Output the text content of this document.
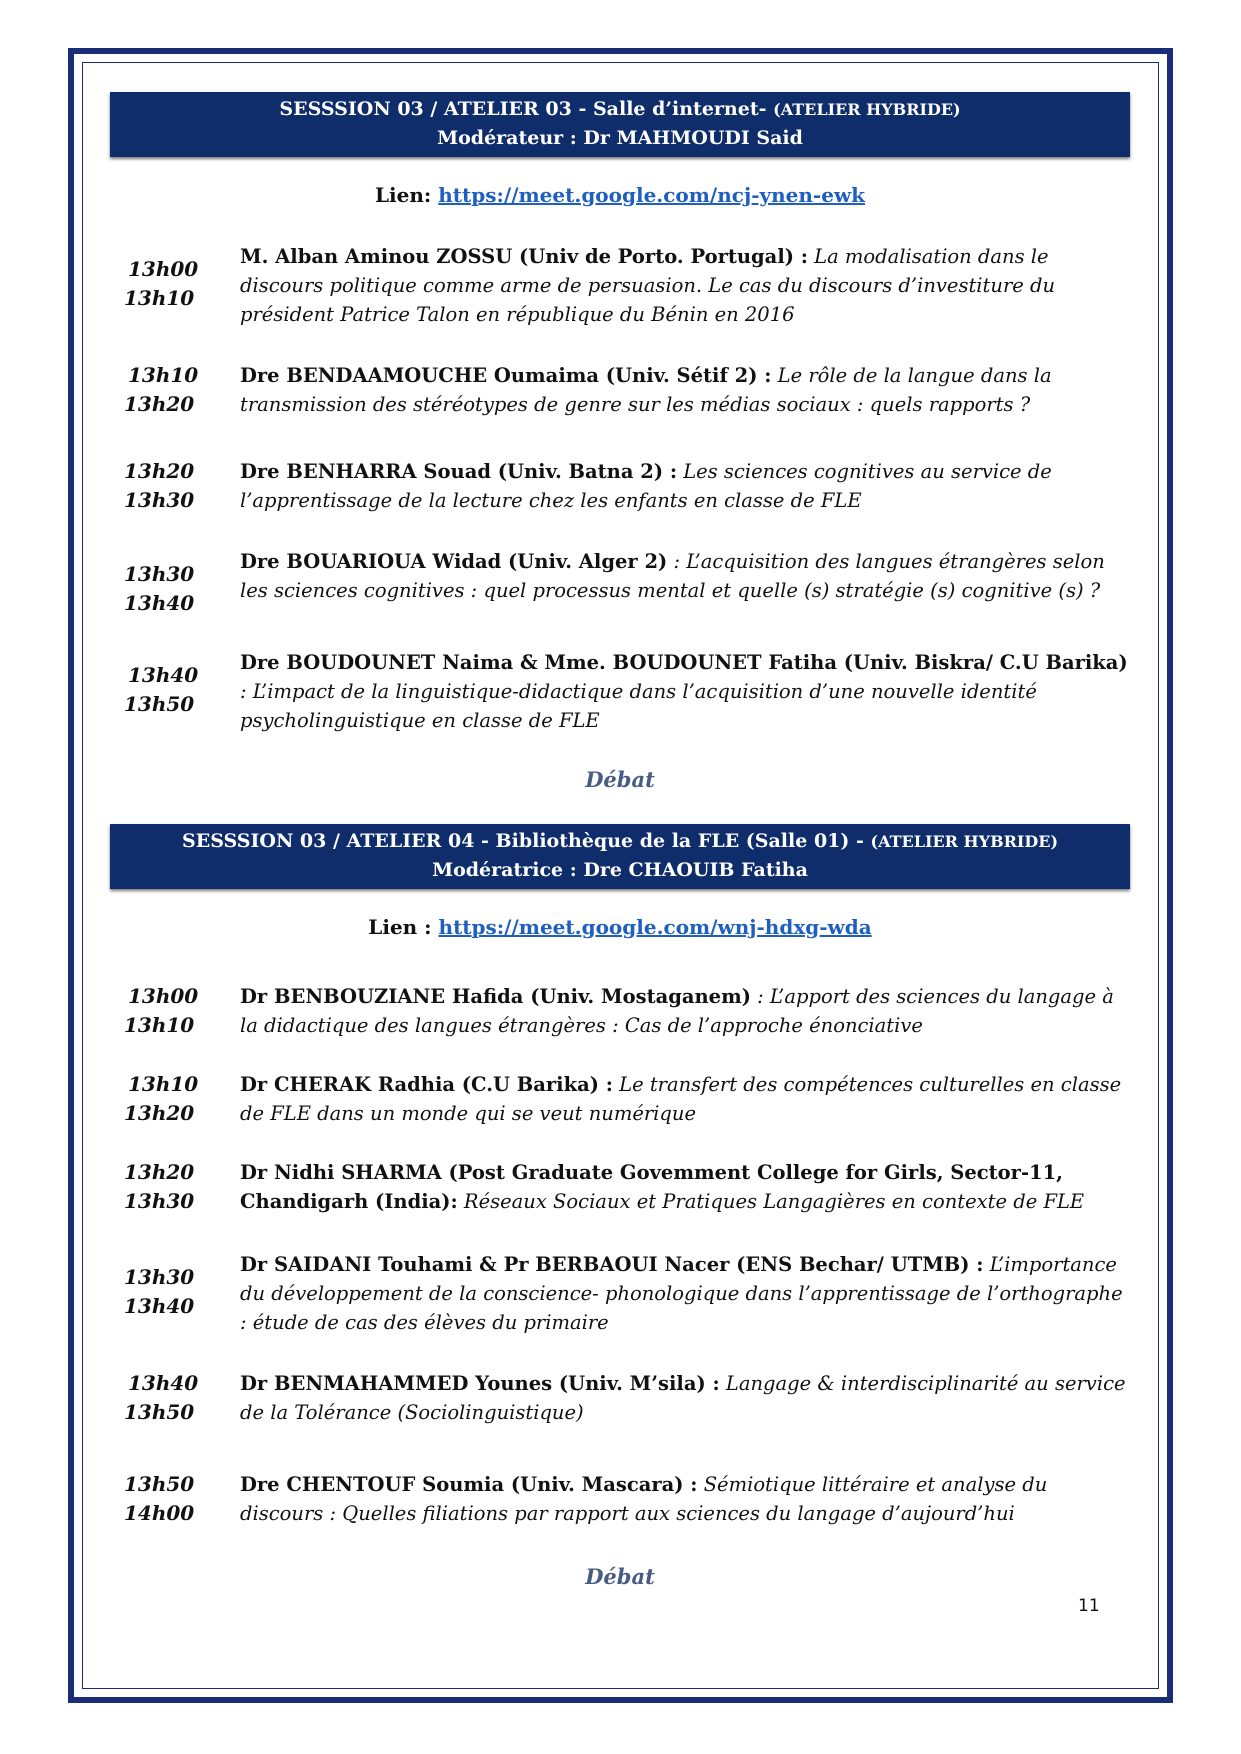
SESSSION 03 / ATELIER 03 - Salle d’internet- (ATELIER HYBRIDE)
Modérateur : Dr MAHMOUDI Said
Lien: https://meet.google.com/ncj-ynen-ewk
13h00
13h10
M. Alban Aminou ZOSSU (Univ de Porto. Portugal) : La modalisation dans le discours politique comme arme de persuasion. Le cas du discours d’investiture du président Patrice Talon en république du Bénin en 2016
13h10
13h20
Dre BENDAAMOUCHE Oumaima (Univ. Sétif 2) : Le rôle de la langue dans la transmission des stéréotypes de genre sur les médias sociaux : quels rapports ?
13h20
13h30
Dre BENHARRA Souad (Univ. Batna 2) : Les sciences cognitives au service de l’apprentissage de la lecture chez les enfants en classe de FLE
13h30
13h40
Dre BOUARIOUA Widad (Univ. Alger 2) : L’acquisition des langues étrangères selon les sciences cognitives : quel processus mental et quelle (s) stratégie (s) cognitive (s) ?
13h40
13h50
Dre BOUDOUNET Naima & Mme. BOUDOUNET Fatiha (Univ. Biskra/ C.U Barika) : L’impact de la linguistique-didactique dans l’acquisition d’une nouvelle identité psycholinguistique en classe de FLE
Débat
SESSSION 03 / ATELIER 04 - Bibliothèque de la FLE (Salle 01) - (ATELIER HYBRIDE)
Modératrice : Dre CHAOUIB Fatiha
Lien : https://meet.google.com/wnj-hdxg-wda
13h00
13h10
Dr BENBOUZIANE Hafida (Univ. Mostaganem) : L’apport des sciences du langage à la didactique des langues étrangères : Cas de l’approche énonciative
13h10
13h20
Dr CHERAK Radhia (C.U Barika) : Le transfert des compétences culturelles en classe de FLE dans un monde qui se veut numérique
13h20
13h30
Dr Nidhi SHARMA (Post Graduate Govemment College for Girls, Sector-11, Chandigarh (India): Réseaux Sociaux et Pratiques Langagières en contexte de FLE
13h30
13h40
Dr SAIDANI Touhami & Pr BERBAOUI Nacer (ENS Bechar/ UTMB) : L’importance du développement de la conscience- phonologique dans l’apprentissage de l’orthographe : étude de cas des élèves du primaire
13h40
13h50
Dr BENMAHAMMED Younes (Univ. M’sila) : Langage & interdisciplinarité au service de la Tolérance (Sociolinguistique)
13h50
14h00
Dre CHENTOUF Soumia (Univ. Mascara) : Sémiotique littéraire et analyse du discours : Quelles filiations par rapport aux sciences du langage d’aujourd’hui
Débat
11
